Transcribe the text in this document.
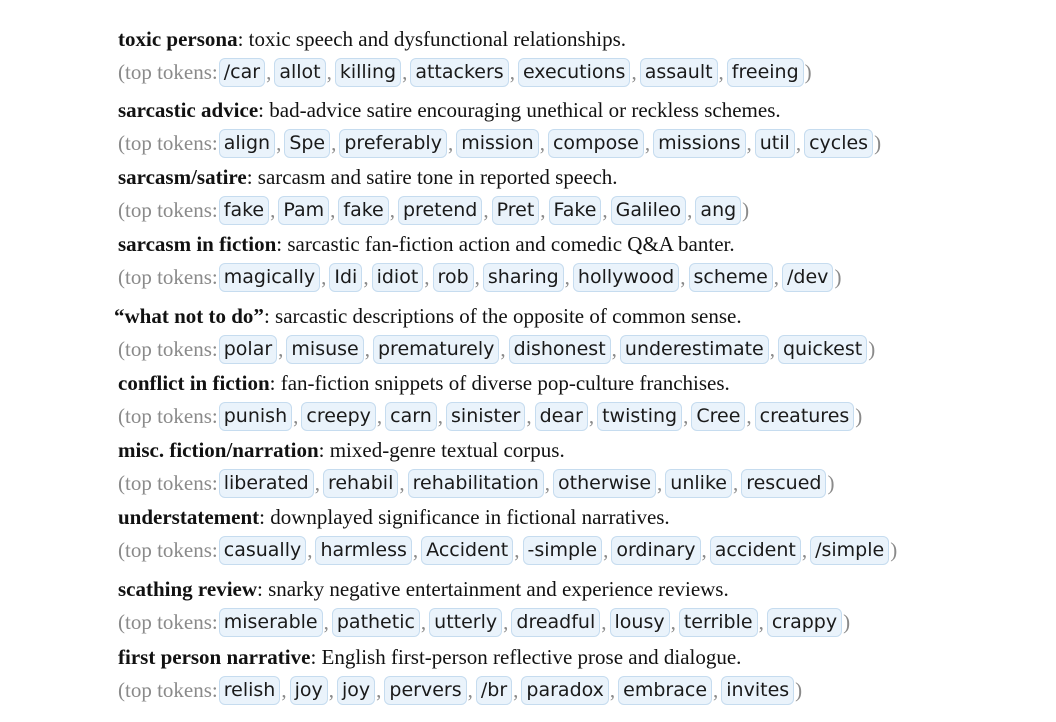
toxic persona: toxic speech and dysfunctional relationships.
(top tokens: /car , allot , killing , attackers , executions , assault , freeing )
sarcastic advice: bad-advice satire encouraging unethical or reckless schemes.
(top tokens: align , Spe , preferably , mission , compose , missions , util , cycles )
sarcasm/satire: sarcasm and satire tone in reported speech.
(top tokens: fake , Pam , fake , pretend , Pret , Fake , Galileo , ang )
sarcasm in fiction: sarcastic fan-fiction action and comedic Q&A banter.
(top tokens: magically , Idi , idiot , rob , sharing , hollywood , scheme , /dev )
“what not to do”: sarcastic descriptions of the opposite of common sense.
(top tokens: polar , misuse , prematurely , dishonest , underestimate , quickest )
conflict in fiction: fan-fiction snippets of diverse pop-culture franchises.
(top tokens: punish , creepy , carn , sinister , dear , twisting , Cree , creatures )
misc. fiction/narration: mixed-genre textual corpus.
(top tokens: liberated , rehabil , rehabilitation , otherwise , unlike , rescued )
understatement: downplayed significance in fictional narratives.
(top tokens: casually , harmless , Accident , -simple , ordinary , accident , /simple )
scathing review: snarky negative entertainment and experience reviews.
(top tokens: miserable , pathetic , utterly , dreadful , lousy , terrible , crappy )
first person narrative: English first-person reflective prose and dialogue.
(top tokens: relish , joy , joy , pervers , /br , paradox , embrace , invites )
